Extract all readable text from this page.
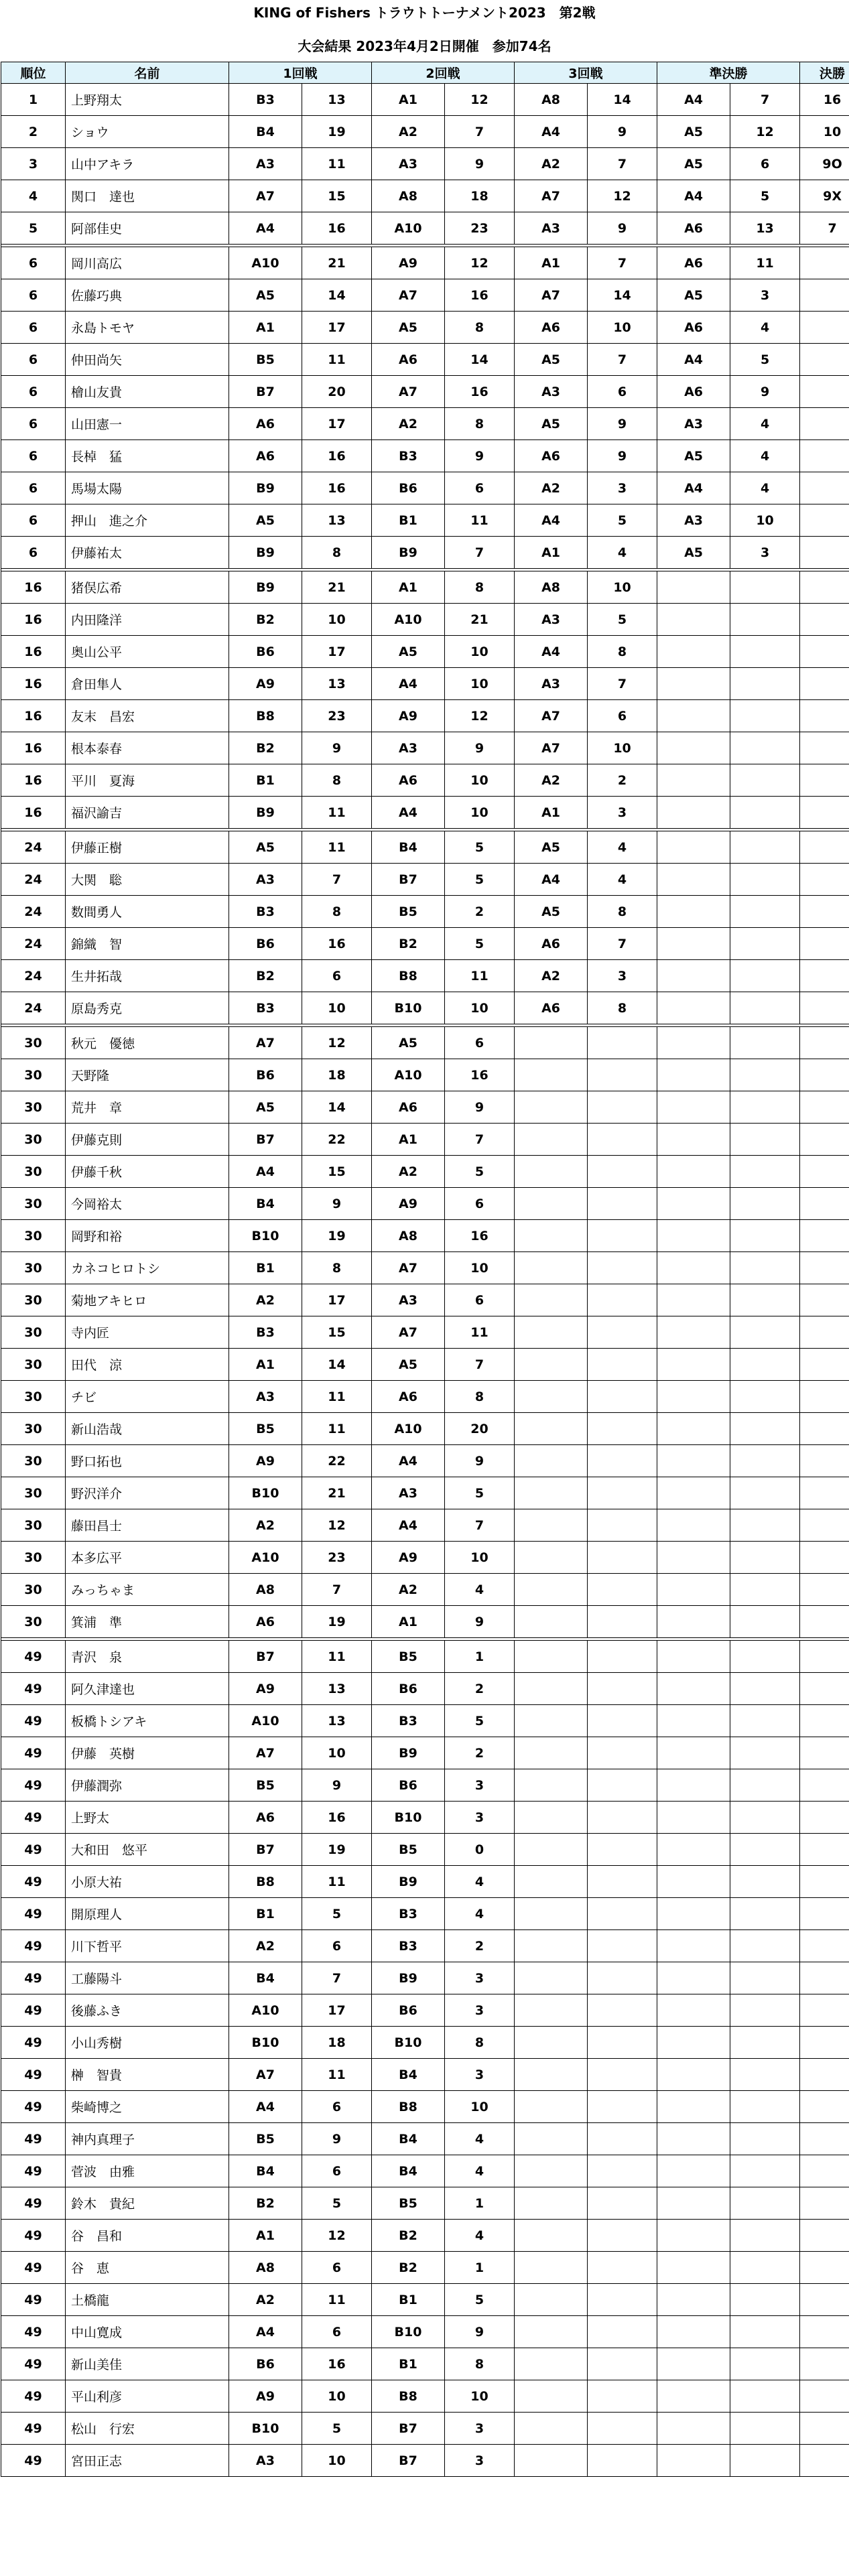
KING of Fishers トラウトトーナメント2023　第2戦
大会結果 2023年4月2日開催　参加74名
順位	名前	1回戦		2回戦		3回戦		準決勝		決勝
1	上野翔太	B3	13	A1	12	A8	14	A4	7	16
2	ショウ	B4	19	A2	7	A4	9	A5	12	10
3	山中アキラ	A3	11	A3	9	A2	7	A5	6	9O
4	関口　達也	A7	15	A8	18	A7	12	A4	5	9X
5	阿部佳史	A4	16	A10	23	A3	9	A6	13	7

6	岡川高広	A10	21	A9	12	A1	7	A6	11	
6	佐藤巧典	A5	14	A7	16	A7	14	A5	3	
6	永島トモヤ	A1	17	A5	8	A6	10	A6	4	
6	仲田尚矢	B5	11	A6	14	A5	7	A4	5	
6	檜山友貴	B7	20	A7	16	A3	6	A6	9	
6	山田憲一	A6	17	A2	8	A5	9	A3	4	
6	長棹　猛	A6	16	B3	9	A6	9	A5	4	
6	馬場太陽	B9	16	B6	6	A2	3	A4	4	
6	押山　進之介	A5	13	B1	11	A4	5	A3	10	
6	伊藤祐太	B9	8	B9	7	A1	4	A5	3	

16	猪俣広希	B9	21	A1	8	A8	10			
16	内田隆洋	B2	10	A10	21	A3	5			
16	奥山公平	B6	17	A5	10	A4	8			
16	倉田隼人	A9	13	A4	10	A3	7			
16	友末　昌宏	B8	23	A9	12	A7	6			
16	根本泰春	B2	9	A3	9	A7	10			
16	平川　夏海	B1	8	A6	10	A2	2			
16	福沢諭吉	B9	11	A4	10	A1	3			

24	伊藤正樹	A5	11	B4	5	A5	4			
24	大関　聡	A3	7	B7	5	A4	4			
24	数間勇人	B3	8	B5	2	A5	8			
24	錦織　智	B6	16	B2	5	A6	7			
24	生井拓哉	B2	6	B8	11	A2	3			
24	原島秀克	B3	10	B10	10	A6	8			

30	秋元　優徳	A7	12	A5	6					
30	天野隆	B6	18	A10	16					
30	荒井　章	A5	14	A6	9					
30	伊藤克則	B7	22	A1	7					
30	伊藤千秋	A4	15	A2	5					
30	今岡裕太	B4	9	A9	6					
30	岡野和裕	B10	19	A8	16					
30	カネコヒロトシ	B1	8	A7	10					
30	菊地アキヒロ	A2	17	A3	6					
30	寺内匠	B3	15	A7	11					
30	田代　涼	A1	14	A5	7					
30	チビ	A3	11	A6	8					
30	新山浩哉	B5	11	A10	20					
30	野口拓也	A9	22	A4	9					
30	野沢洋介	B10	21	A3	5					
30	藤田昌士	A2	12	A4	7					
30	本多広平	A10	23	A9	10					
30	みっちゃま	A8	7	A2	4					
30	箕浦　準	A6	19	A1	9					

49	青沢　泉	B7	11	B5	1					
49	阿久津達也	A9	13	B6	2					
49	板橋トシアキ	A10	13	B3	5					
49	伊藤　英樹	A7	10	B9	2					
49	伊藤潤弥	B5	9	B6	3					
49	上野太	A6	16	B10	3					
49	大和田　悠平	B7	19	B5	0					
49	小原大祐	B8	11	B9	4					
49	開原理人	B1	5	B3	4					
49	川下哲平	A2	6	B3	2					
49	工藤陽斗	B4	7	B9	3					
49	後藤ふき	A10	17	B6	3					
49	小山秀樹	B10	18	B10	8					
49	榊　智貴	A7	11	B4	3					
49	柴崎博之	A4	6	B8	10					
49	神内真理子	B5	9	B4	4					
49	菅波　由雅	B4	6	B4	4					
49	鈴木　貴紀	B2	5	B5	1					
49	谷　昌和	A1	12	B2	4					
49	谷　恵	A8	6	B2	1					
49	土橋龍	A2	11	B1	5					
49	中山寛成	A4	6	B10	9					
49	新山美佳	B6	16	B1	8					
49	平山利彦	A9	10	B8	10					
49	松山　行宏	B10	5	B7	3					
49	宮田正志	A3	10	B7	3					
